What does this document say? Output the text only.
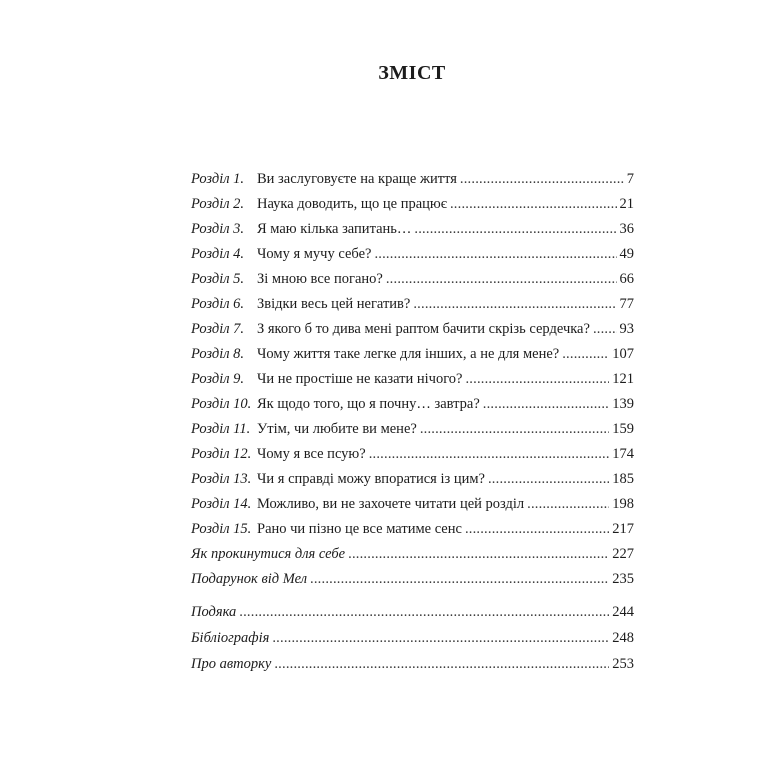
ЗМІСТ
Розділ 1. Ви заслуговуєте на краще життя .....	7
Розділ 2. Наука доводить, що це працює .....	21
Розділ 3. Я маю кілька запитань… .....	36
Розділ 4. Чому я мучу себе? .....	49
Розділ 5. Зі мною все погано? .....	66
Розділ 6. Звідки весь цей негатив? .....	77
Розділ 7. З якого б то дива мені раптом бачити скрізь сердечка? ..... 93
Розділ 8. Чому життя таке легке для інших, а не для мене? .....	107
Розділ 9. Чи не простіше не казати нічого? .....	121
Розділ 10. Як щодо того, що я почну… завтра? .....	139
Розділ 11. Утім, чи любите ви мене? .....	159
Розділ 12. Чому я все псую? .....	174
Розділ 13. Чи я справді можу впоратися із цим? .....	185
Розділ 14. Можливо, ви не захочете читати цей розділ .....	198
Розділ 15. Рано чи пізно це все матиме сенс .....	217
Як прокинутися для себе .....	227
Подарунок від Мел .....	235
Подяка .....	244
Бібліографія .....	248
Про авторку .....	253
